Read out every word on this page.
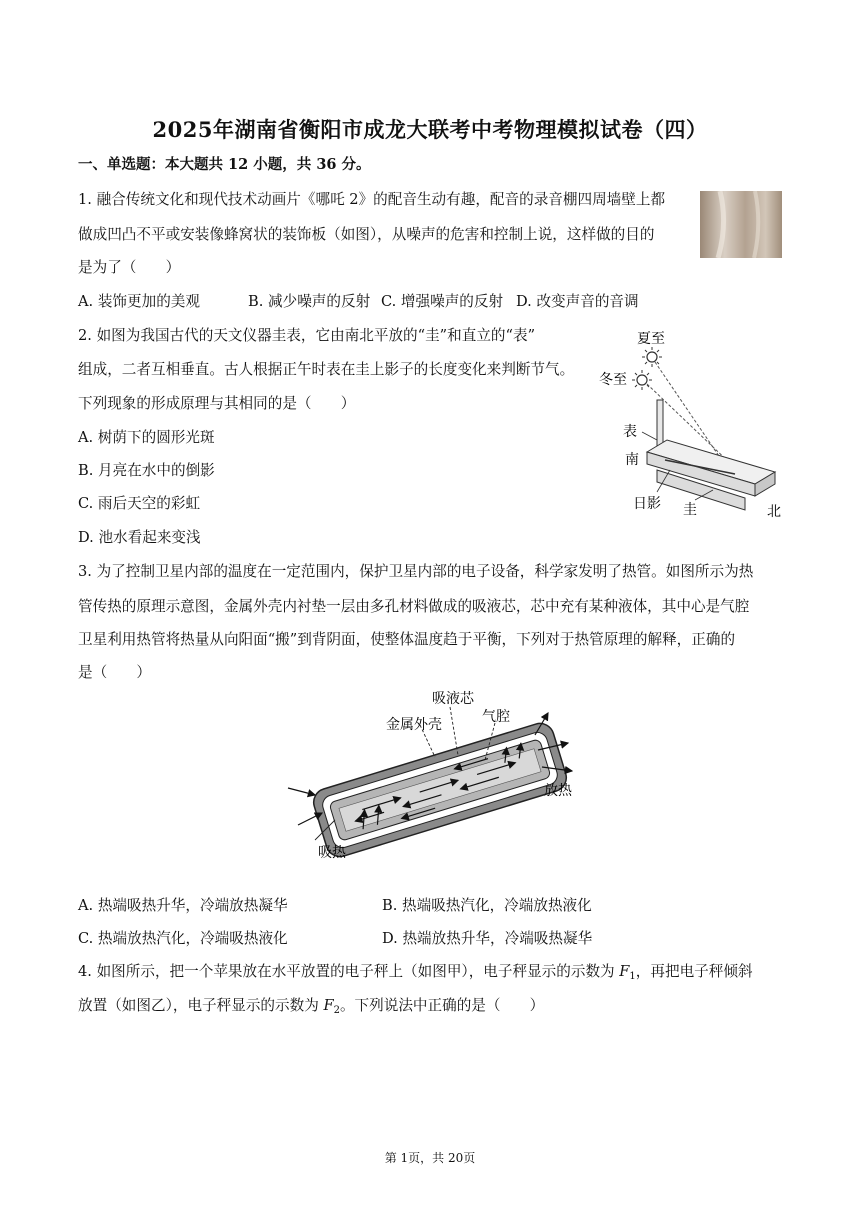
2025年湖南省衡阳市成龙大联考中考物理模拟试卷（四）
一、单选题：本大题共 12 小题，共 36 分。
1. 融合传统文化和现代技术动画片《哪吒 2》的配音生动有趣，配音的录音棚四周墙壁上都
做成凹凸不平或安装像蜂窝状的装饰板（如图），从噪声的危害和控制上说，这样做的目的
是为了（　　）
A. 装饰更加的美观	B. 减少噪声的反射 C. 增强噪声的反射 D. 改变声音的音调
2. 如图为我国古代的天文仪器圭表，它由南北平放的“圭”和直立的“表”
组成，二者互相垂直。古人根据正午时表在圭上影子的长度变化来判断节气。
下列现象的形成原理与其相同的是（　　）
A. 树荫下的圆形光斑
B. 月亮在水中的倒影
C. 雨后天空的彩虹
D. 池水看起来变浅
夏至
冬至
表
南
日影 圭	北
3. 为了控制卫星内部的温度在一定范围内，保护卫星内部的电子设备，科学家发明了热管。如图所示为热
管传热的原理示意图，金属外壳内衬垫一层由多孔材料做成的吸液芯，芯中充有某种液体，其中心是气腔
卫星利用热管将热量从向阳面“搬”到背阴面，使整体温度趋于平衡，下列对于热管原理的解释，正确的
是（　　）
吸液芯
金属外壳	气腔
放热
吸热
A. 热端吸热升华，冷端放热凝华	B. 热端吸热汽化，冷端放热液化
C. 热端放热汽化，冷端吸热液化	D. 热端放热升华，冷端吸热凝华
4. 如图所示，把一个苹果放在水平放置的电子秤上（如图甲），电子秤显示的示数为 $F_1$，再把电子秤倾斜
放置（如图乙），电子秤显示的示数为 $F_2$。下列说法中正确的是（　　）
第 1页，共 20页
